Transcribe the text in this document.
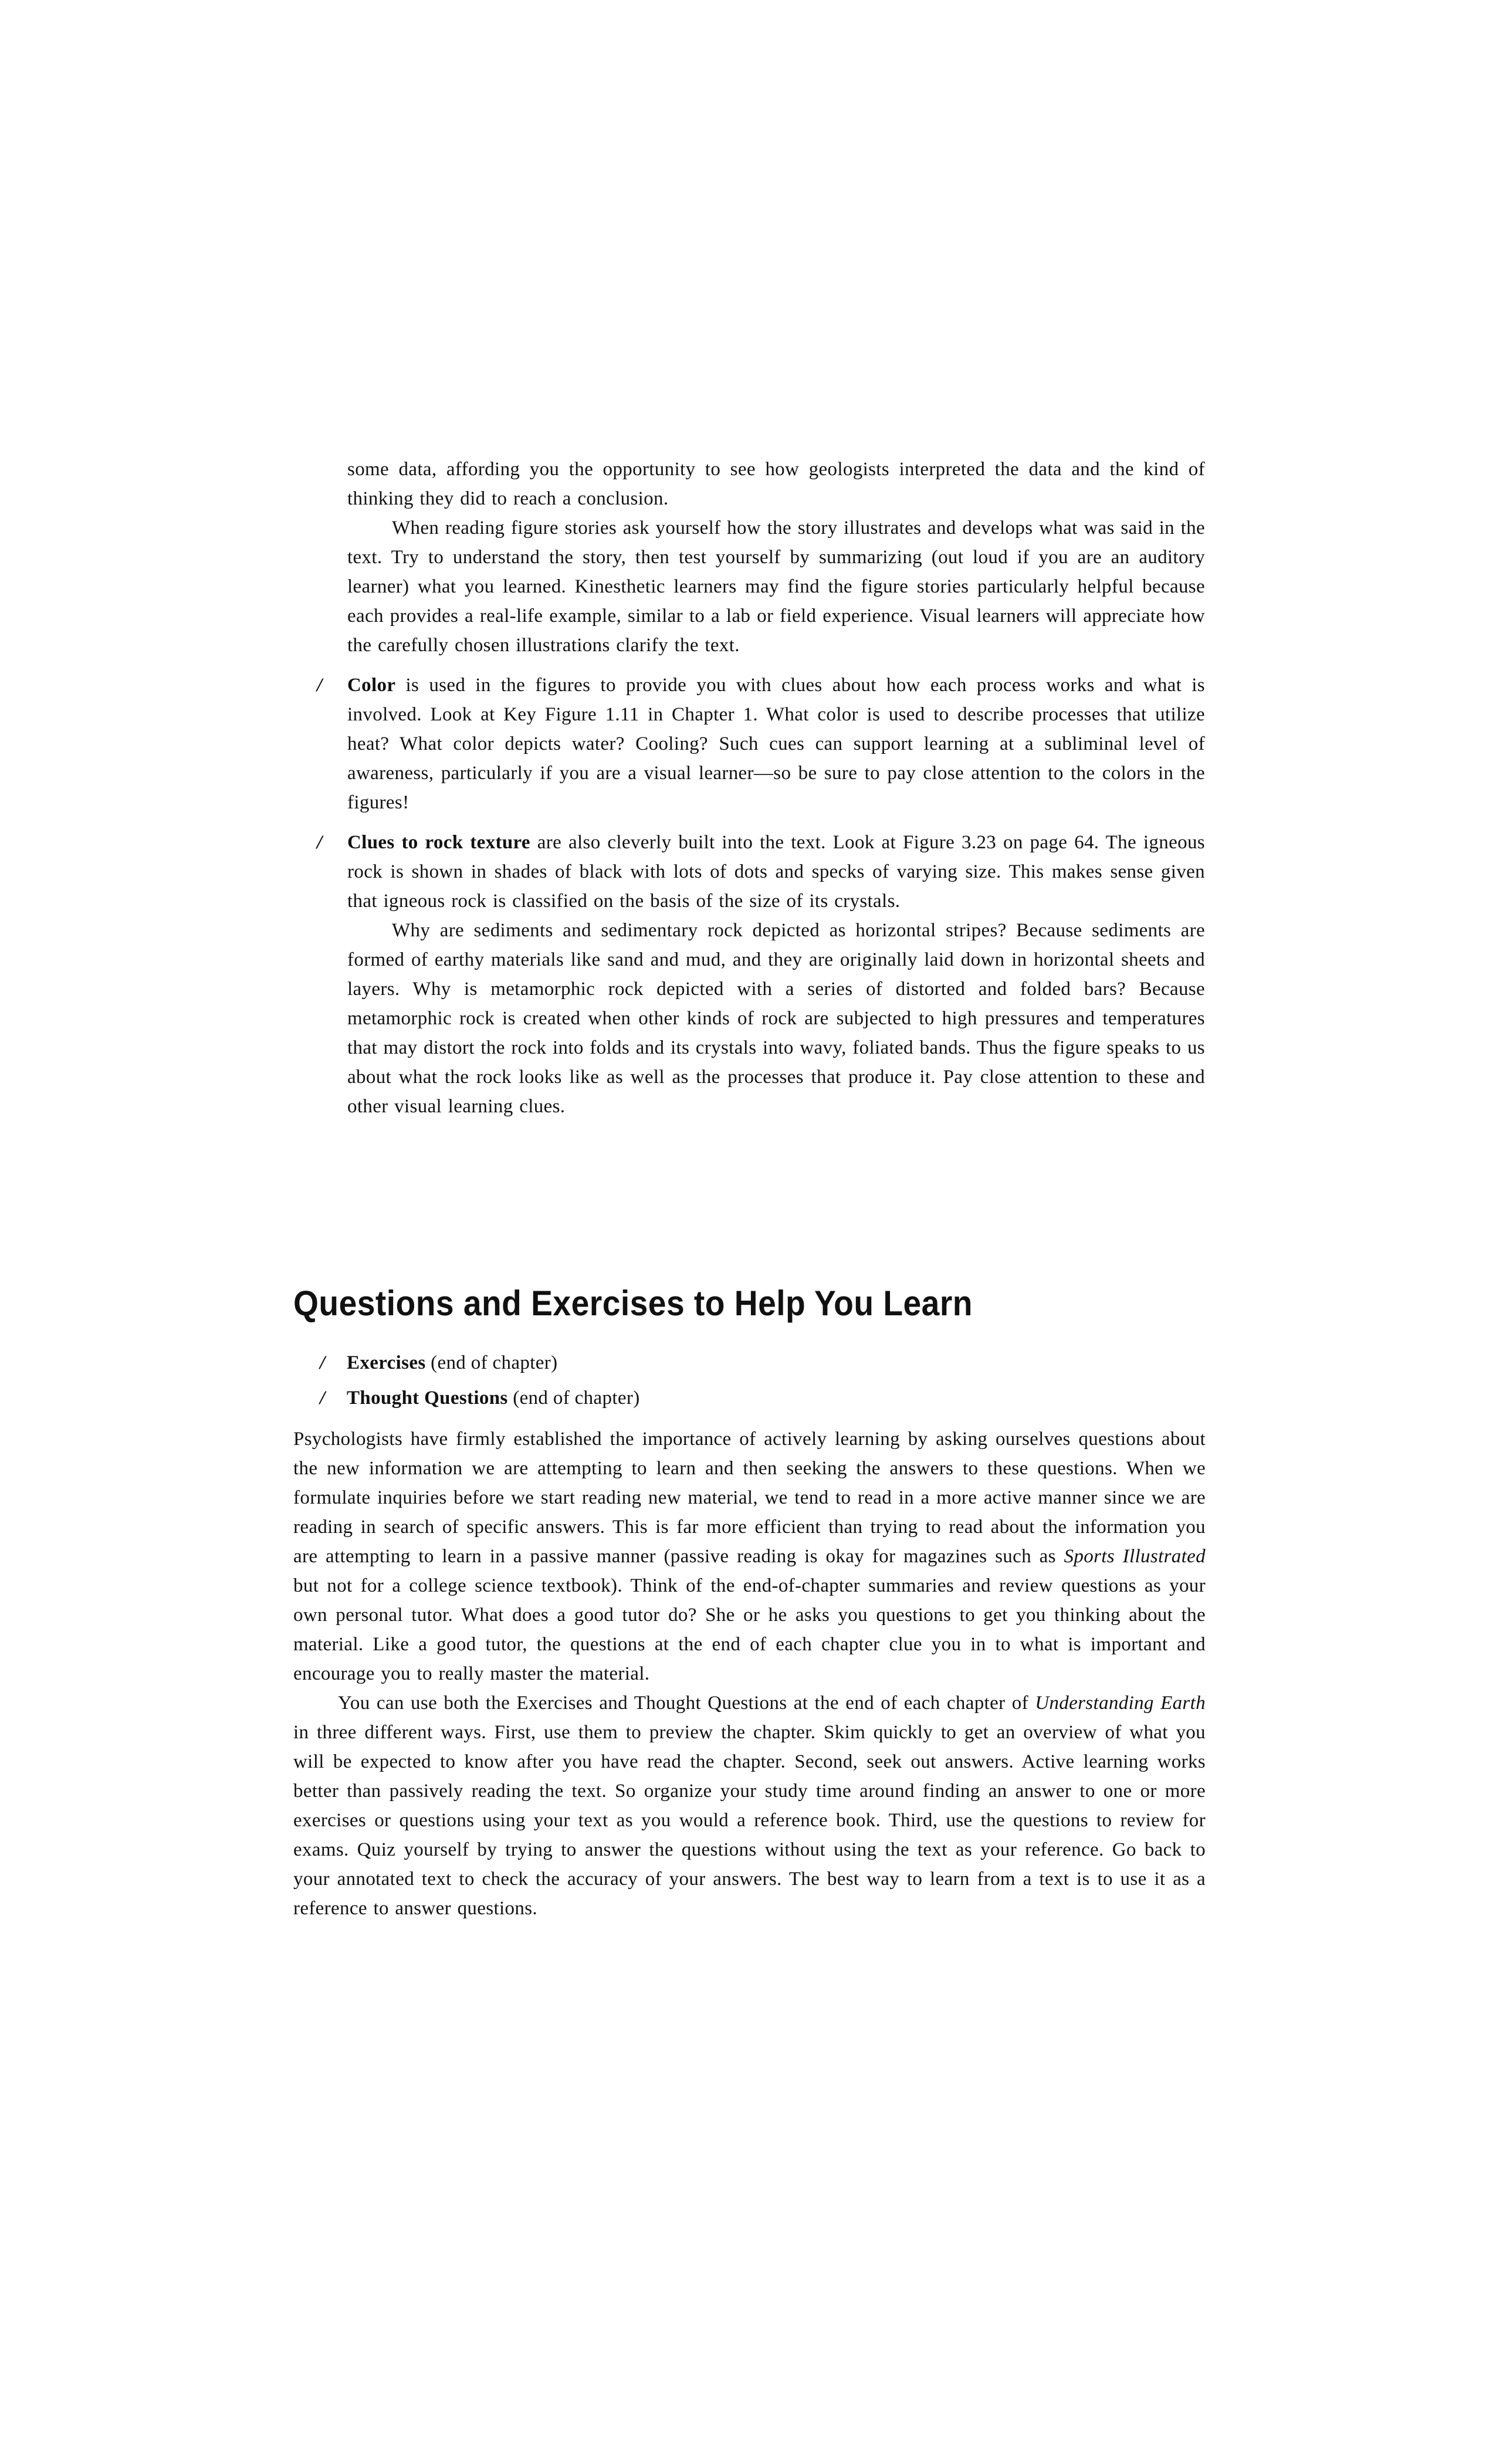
some data, affording you the opportunity to see how geologists interpreted the data and the kind of thinking they did to reach a conclusion.

When reading figure stories ask yourself how the story illustrates and develops what was said in the text. Try to understand the story, then test yourself by summarizing (out loud if you are an auditory learner) what you learned. Kinesthetic learners may find the figure stories particularly helpful because each provides a real-life example, similar to a lab or field experience. Visual learners will appreciate how the carefully chosen illustrations clarify the text.

/ Color is used in the figures to provide you with clues about how each process works and what is involved. Look at Key Figure 1.11 in Chapter 1. What color is used to describe processes that utilize heat? What color depicts water? Cooling? Such cues can support learning at a subliminal level of awareness, particularly if you are a visual learner—so be sure to pay close attention to the colors in the figures!

/ Clues to rock texture are also cleverly built into the text. Look at Figure 3.23 on page 64. The igneous rock is shown in shades of black with lots of dots and specks of varying size. This makes sense given that igneous rock is classified on the basis of the size of its crystals.

Why are sediments and sedimentary rock depicted as horizontal stripes? Because sediments are formed of earthy materials like sand and mud, and they are originally laid down in horizontal sheets and layers. Why is metamorphic rock depicted with a series of distorted and folded bars? Because metamorphic rock is created when other kinds of rock are subjected to high pressures and temperatures that may distort the rock into folds and its crystals into wavy, foliated bands. Thus the figure speaks to us about what the rock looks like as well as the processes that produce it. Pay close attention to these and other visual learning clues.

Questions and Exercises to Help You Learn
/	Exercises (end of chapter)
/	Thought Questions (end of chapter)

Psychologists have firmly established the importance of actively learning by asking ourselves questions about the new information we are attempting to learn and then seeking the answers to these questions. When we formulate inquiries before we start reading new material, we tend to read in a more active manner since we are reading in search of specific answers. This is far more efficient than trying to read about the information you are attempting to learn in a passive manner (passive reading is okay for magazines such as Sports Illustrated but not for a college science textbook). Think of the end-of-chapter summaries and review questions as your own personal tutor. What does a good tutor do? She or he asks you questions to get you thinking about the material. Like a good tutor, the questions at the end of each chapter clue you in to what is important and encourage you to really master the material.

You can use both the Exercises and Thought Questions at the end of each chapter of Understanding Earth in three different ways. First, use them to preview the chapter. Skim quickly to get an overview of what you will be expected to know after you have read the chapter. Second, seek out answers. Active learning works better than passively reading the text. So organize your study time around finding an answer to one or more exercises or questions using your text as you would a reference book. Third, use the questions to review for exams. Quiz yourself by trying to answer the questions without using the text as your reference. Go back to your annotated text to check the accuracy of your answers. The best way to learn from a text is to use it as a reference to answer questions.
